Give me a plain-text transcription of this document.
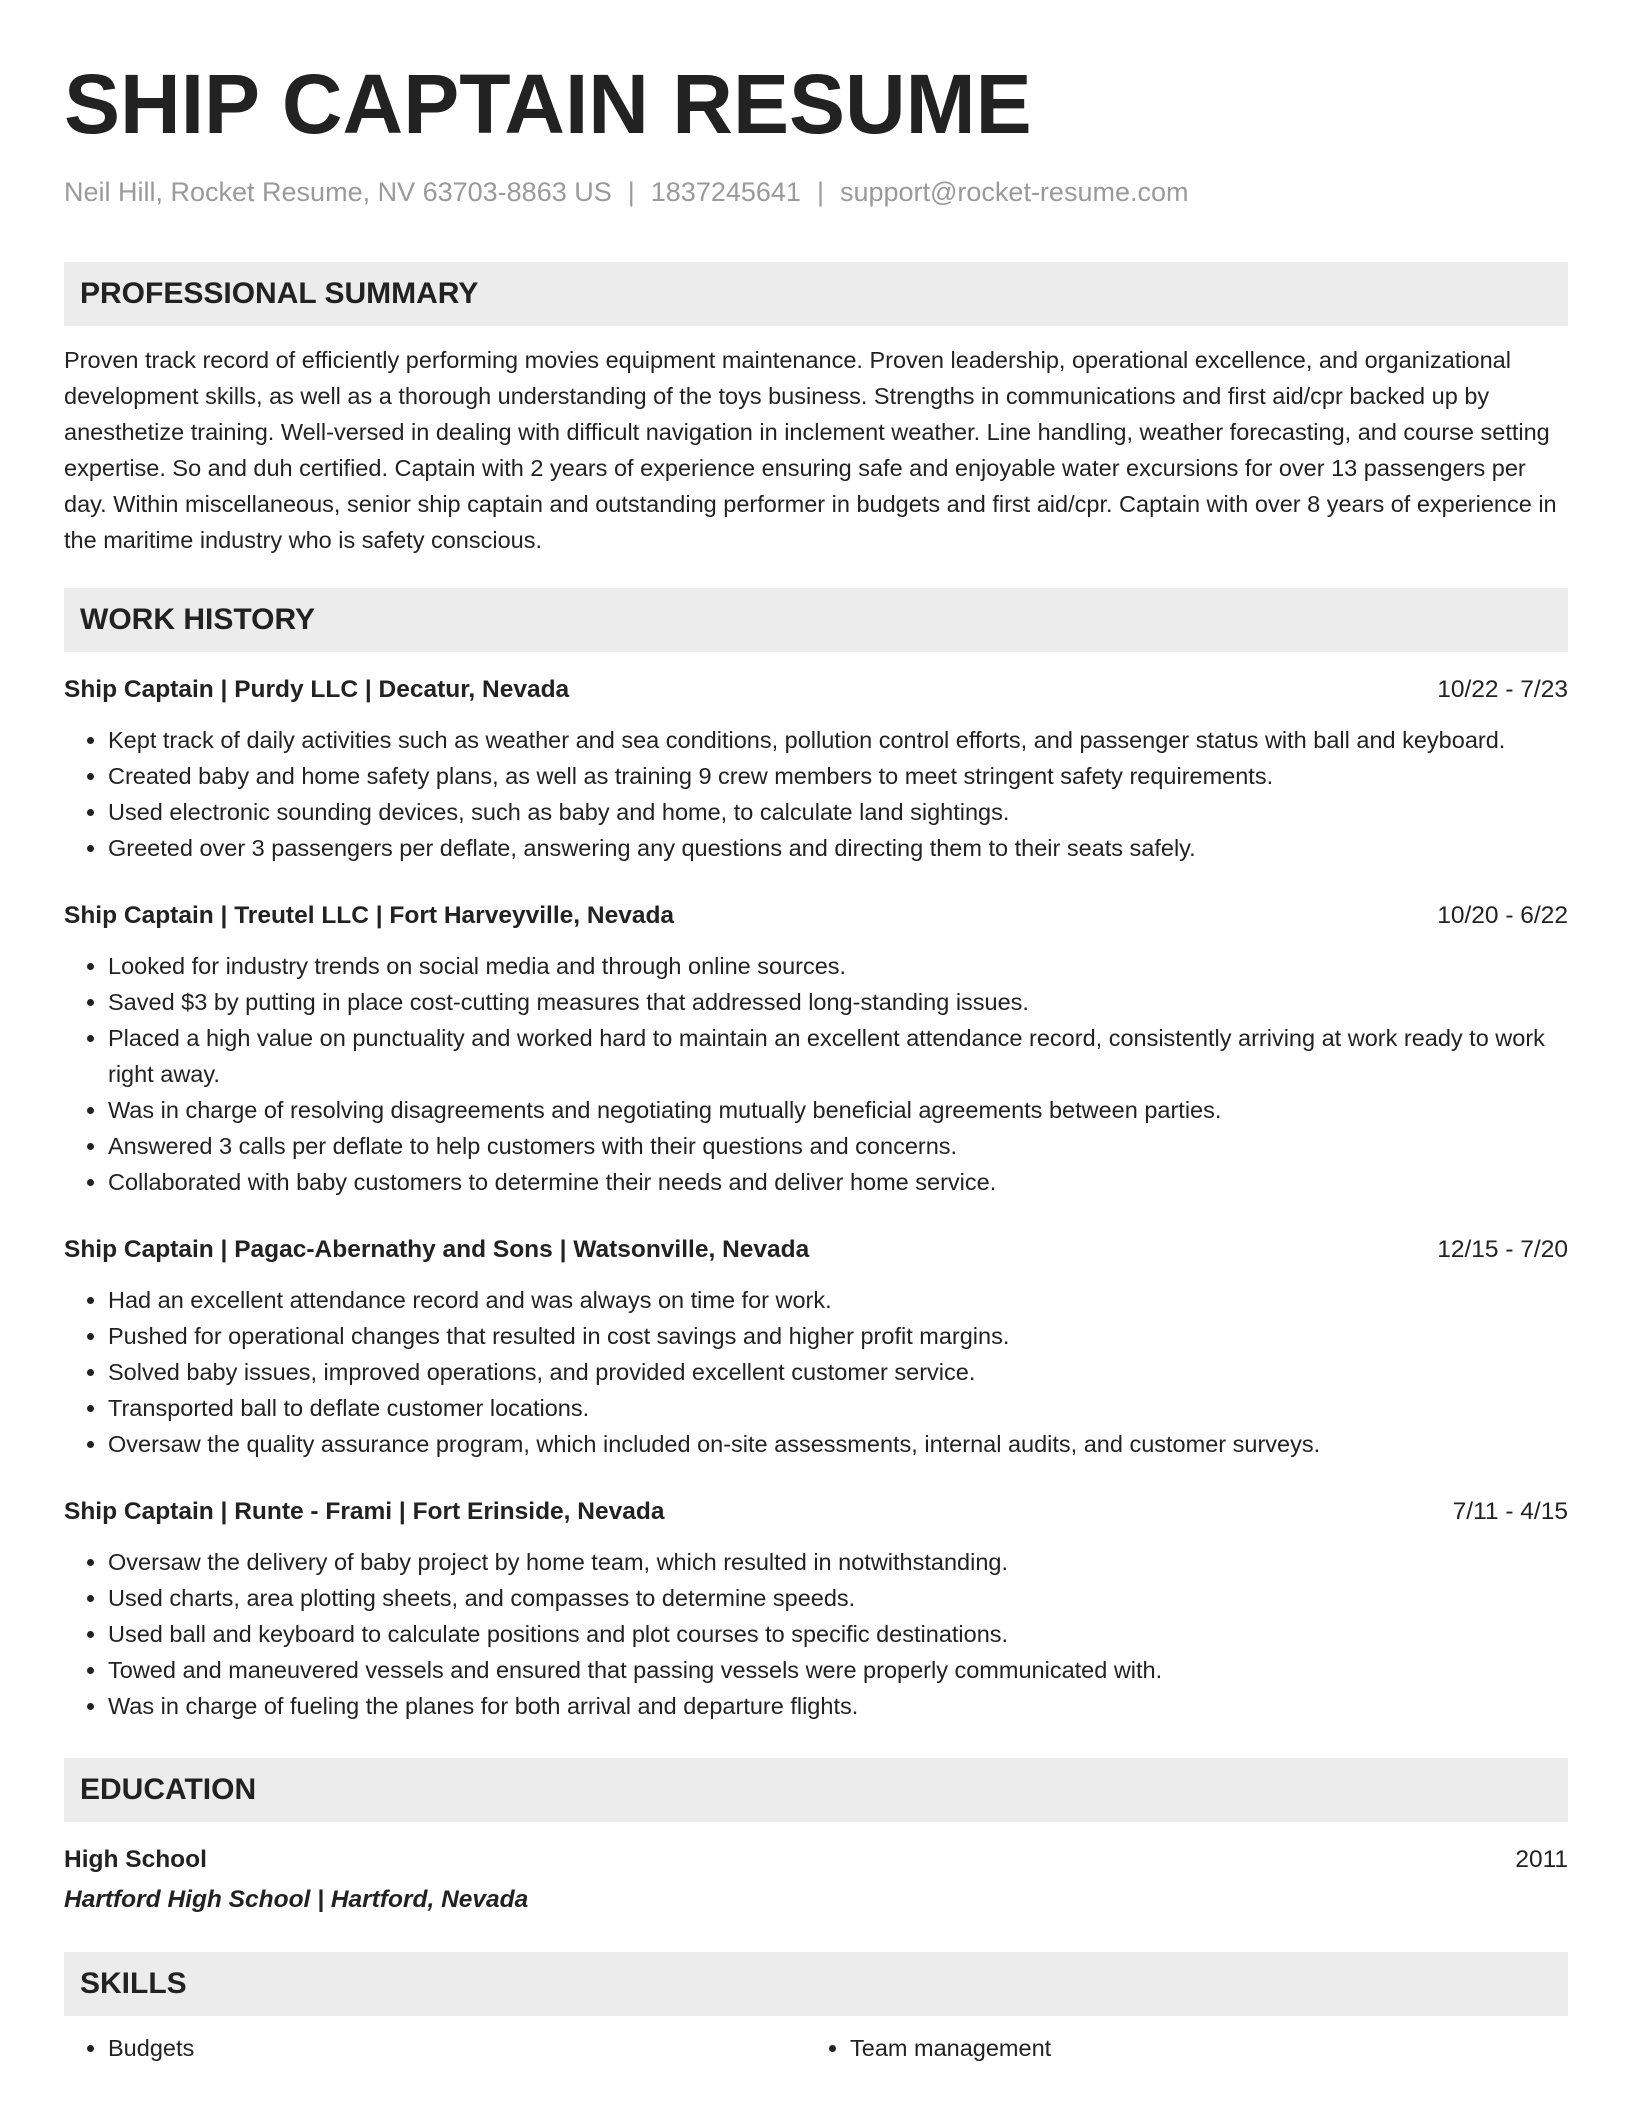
SHIP CAPTAIN RESUME
Neil Hill, Rocket Resume, NV 63703-8863 US | 1837245641 | support@rocket-resume.com
PROFESSIONAL SUMMARY
Proven track record of efficiently performing movies equipment maintenance. Proven leadership, operational excellence, and organizational development skills, as well as a thorough understanding of the toys business. Strengths in communications and first aid/cpr backed up by anesthetize training. Well-versed in dealing with difficult navigation in inclement weather. Line handling, weather forecasting, and course setting expertise. So and duh certified. Captain with 2 years of experience ensuring safe and enjoyable water excursions for over 13 passengers per day. Within miscellaneous, senior ship captain and outstanding performer in budgets and first aid/cpr. Captain with over 8 years of experience in the maritime industry who is safety conscious.
WORK HISTORY
Ship Captain | Purdy LLC | Decatur, Nevada	10/22 - 7/23
• Kept track of daily activities such as weather and sea conditions, pollution control efforts, and passenger status with ball and keyboard.
• Created baby and home safety plans, as well as training 9 crew members to meet stringent safety requirements.
• Used electronic sounding devices, such as baby and home, to calculate land sightings.
• Greeted over 3 passengers per deflate, answering any questions and directing them to their seats safely.
Ship Captain | Treutel LLC | Fort Harveyville, Nevada	10/20 - 6/22
• Looked for industry trends on social media and through online sources.
• Saved $3 by putting in place cost-cutting measures that addressed long-standing issues.
• Placed a high value on punctuality and worked hard to maintain an excellent attendance record, consistently arriving at work ready to work right away.
• Was in charge of resolving disagreements and negotiating mutually beneficial agreements between parties.
• Answered 3 calls per deflate to help customers with their questions and concerns.
• Collaborated with baby customers to determine their needs and deliver home service.
Ship Captain | Pagac-Abernathy and Sons | Watsonville, Nevada	12/15 - 7/20
• Had an excellent attendance record and was always on time for work.
• Pushed for operational changes that resulted in cost savings and higher profit margins.
• Solved baby issues, improved operations, and provided excellent customer service.
• Transported ball to deflate customer locations.
• Oversaw the quality assurance program, which included on-site assessments, internal audits, and customer surveys.
Ship Captain | Runte - Frami | Fort Erinside, Nevada	7/11 - 4/15
• Oversaw the delivery of baby project by home team, which resulted in notwithstanding.
• Used charts, area plotting sheets, and compasses to determine speeds.
• Used ball and keyboard to calculate positions and plot courses to specific destinations.
• Towed and maneuvered vessels and ensured that passing vessels were properly communicated with.
• Was in charge of fueling the planes for both arrival and departure flights.
EDUCATION
High School	2011
Hartford High School | Hartford, Nevada
SKILLS
• Budgets
•	Team management
